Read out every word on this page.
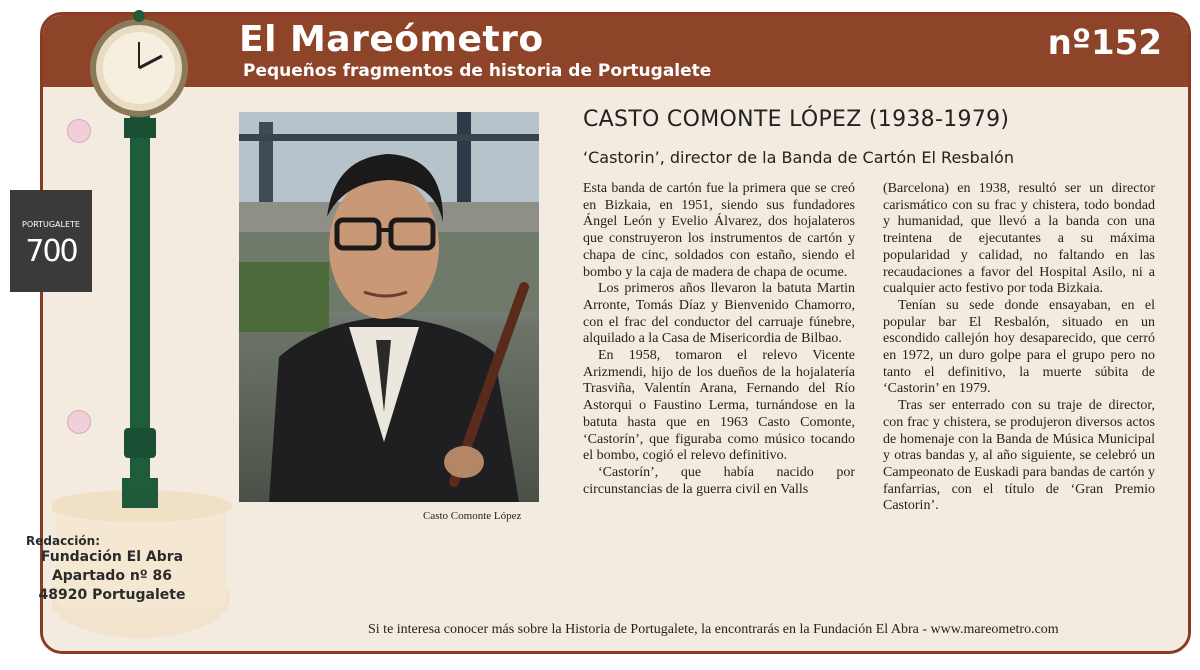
El Mareómetro
Pequeños fragmentos de historia de Portugalete
nº152
Casto Comonte López
CASTO COMONTE LÓPEZ (1938-1979)
‘Castorin’, director de la Banda de Cartón El Resbalón

Esta banda de cartón fue la primera que se creó en Bizkaia, en 1951, siendo sus fundadores Ángel León y Evelio Álvarez, dos hojalateros que construyeron los instrumentos de cartón y chapa de cinc, soldados con estaño, siendo el bombo y la caja de madera de chapa de ocume.

Los primeros años llevaron la batuta Martin Arronte, Tomás Díaz y Bienvenido Chamorro, con el frac del conductor del carruaje fúnebre, alquilado a la Casa de Misericordia de Bilbao.

En 1958, tomaron el relevo Vicente Arizmendi, hijo de los dueños de la hojalatería Trasviña, Valentín Arana, Fernando del Río Astorqui o Faustino Lerma, turnándose en la batuta hasta que en 1963 Casto Comonte, ‘Castorín’, que figuraba como músico tocando el bombo, cogió el relevo definitivo.

‘Castorín’, que había nacido por circunstancias de la guerra civil en Valls

(Barcelona) en 1938, resultó ser un director carismático con su frac y chistera, todo bondad y humanidad, que llevó a la banda con una treintena de ejecutantes a su máxima popularidad y calidad, no faltando en las recaudaciones a favor del Hospital Asilo, ni a cualquier acto festivo por toda Bizkaia.

Tenían su sede donde ensayaban, en el popular bar El Resbalón, situado en un escondido callejón hoy desaparecido, que cerró en 1972, un duro golpe para el grupo pero no tanto el definitivo, la muerte súbita de ‘Castorin’ en 1979.

Tras ser enterrado con su traje de director, con frac y chistera, se produjeron diversos actos de homenaje con la Banda de Música Municipal y otras bandas y, al año siguiente, se celebró un Campeonato de Euskadi para bandas de cartón y fanfarrias, con el título de ‘Gran Premio Castorin’.

Si te interesa conocer más sobre la Historia de Portugalete, la encontrarás en la Fundación El Abra - www.mareometro.com
PORTUGALETE
700
Redacción:
Fundación El Abra
Apartado nº 86
48920 Portugalete
